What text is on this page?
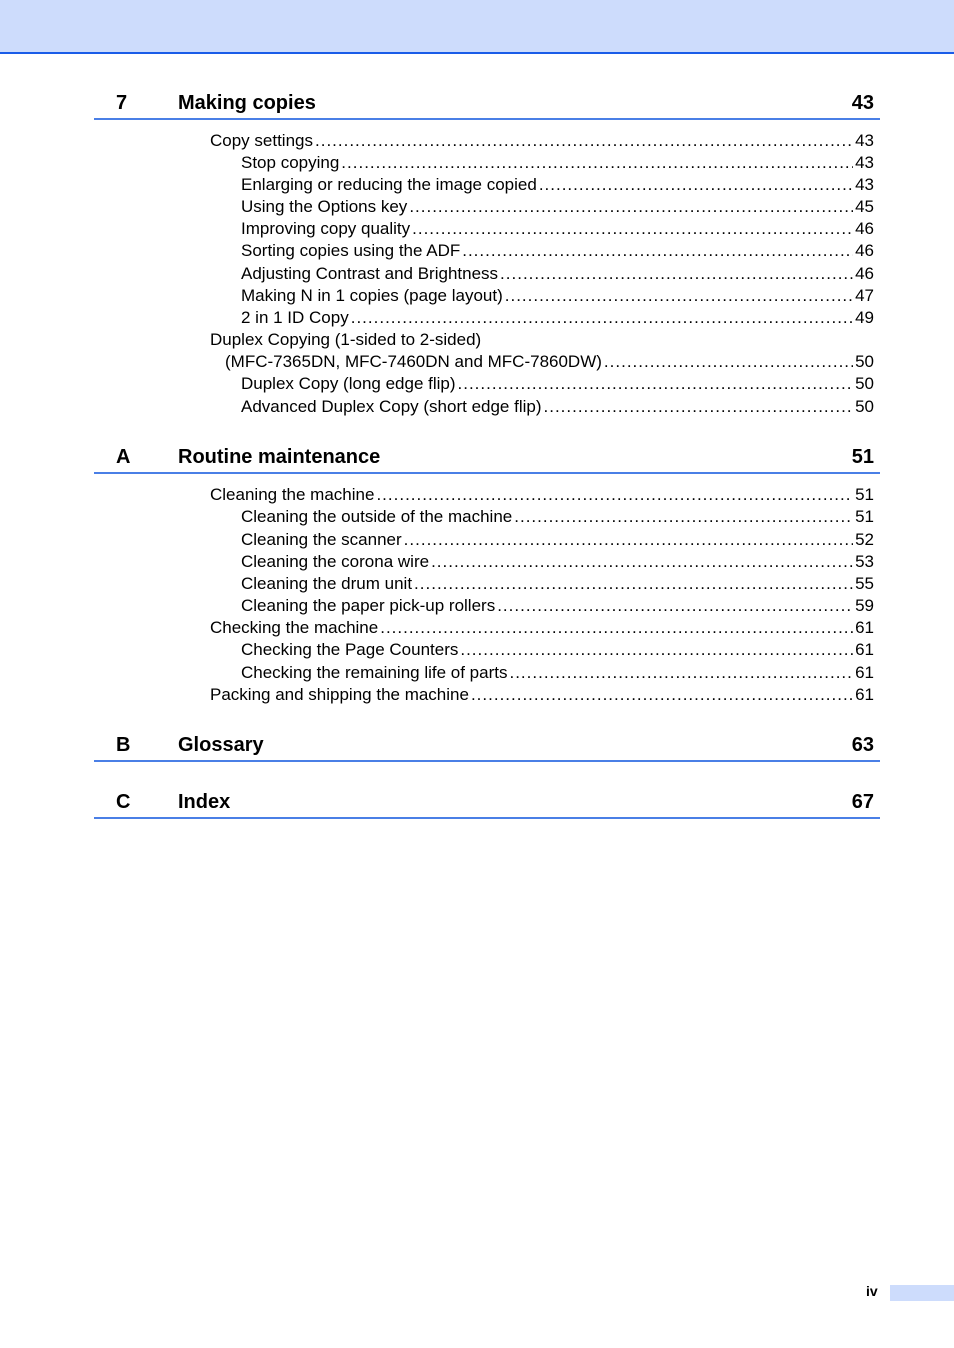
7	Making copies	43
Copy settings .....	43
Stop copying .....	43
Enlarging or reducing the image copied .....	43
Using the Options key .....	45
Improving copy quality .....	46
Sorting copies using the ADF .....	46
Adjusting Contrast and Brightness .....	46
Making N in 1 copies (page layout) .....	47
2 in 1 ID Copy .....	49
Duplex Copying (1-sided to 2-sided)
(MFC-7365DN, MFC-7460DN and MFC-7860DW) .....	50
Duplex Copy (long edge flip) .....	50
Advanced Duplex Copy (short edge flip) .....	50
A Routine maintenance	51
Cleaning the machine .....	51
Cleaning the outside of the machine .....	51
Cleaning the scanner .....	52
Cleaning the corona wire .....	53
Cleaning the drum unit .....	55
Cleaning the paper pick-up rollers .....	59
Checking the machine .....	61
Checking the Page Counters .....	61
Checking the remaining life of parts .....	61
Packing and shipping the machine .....	61
B Glossary	63
C Index	67
iv
